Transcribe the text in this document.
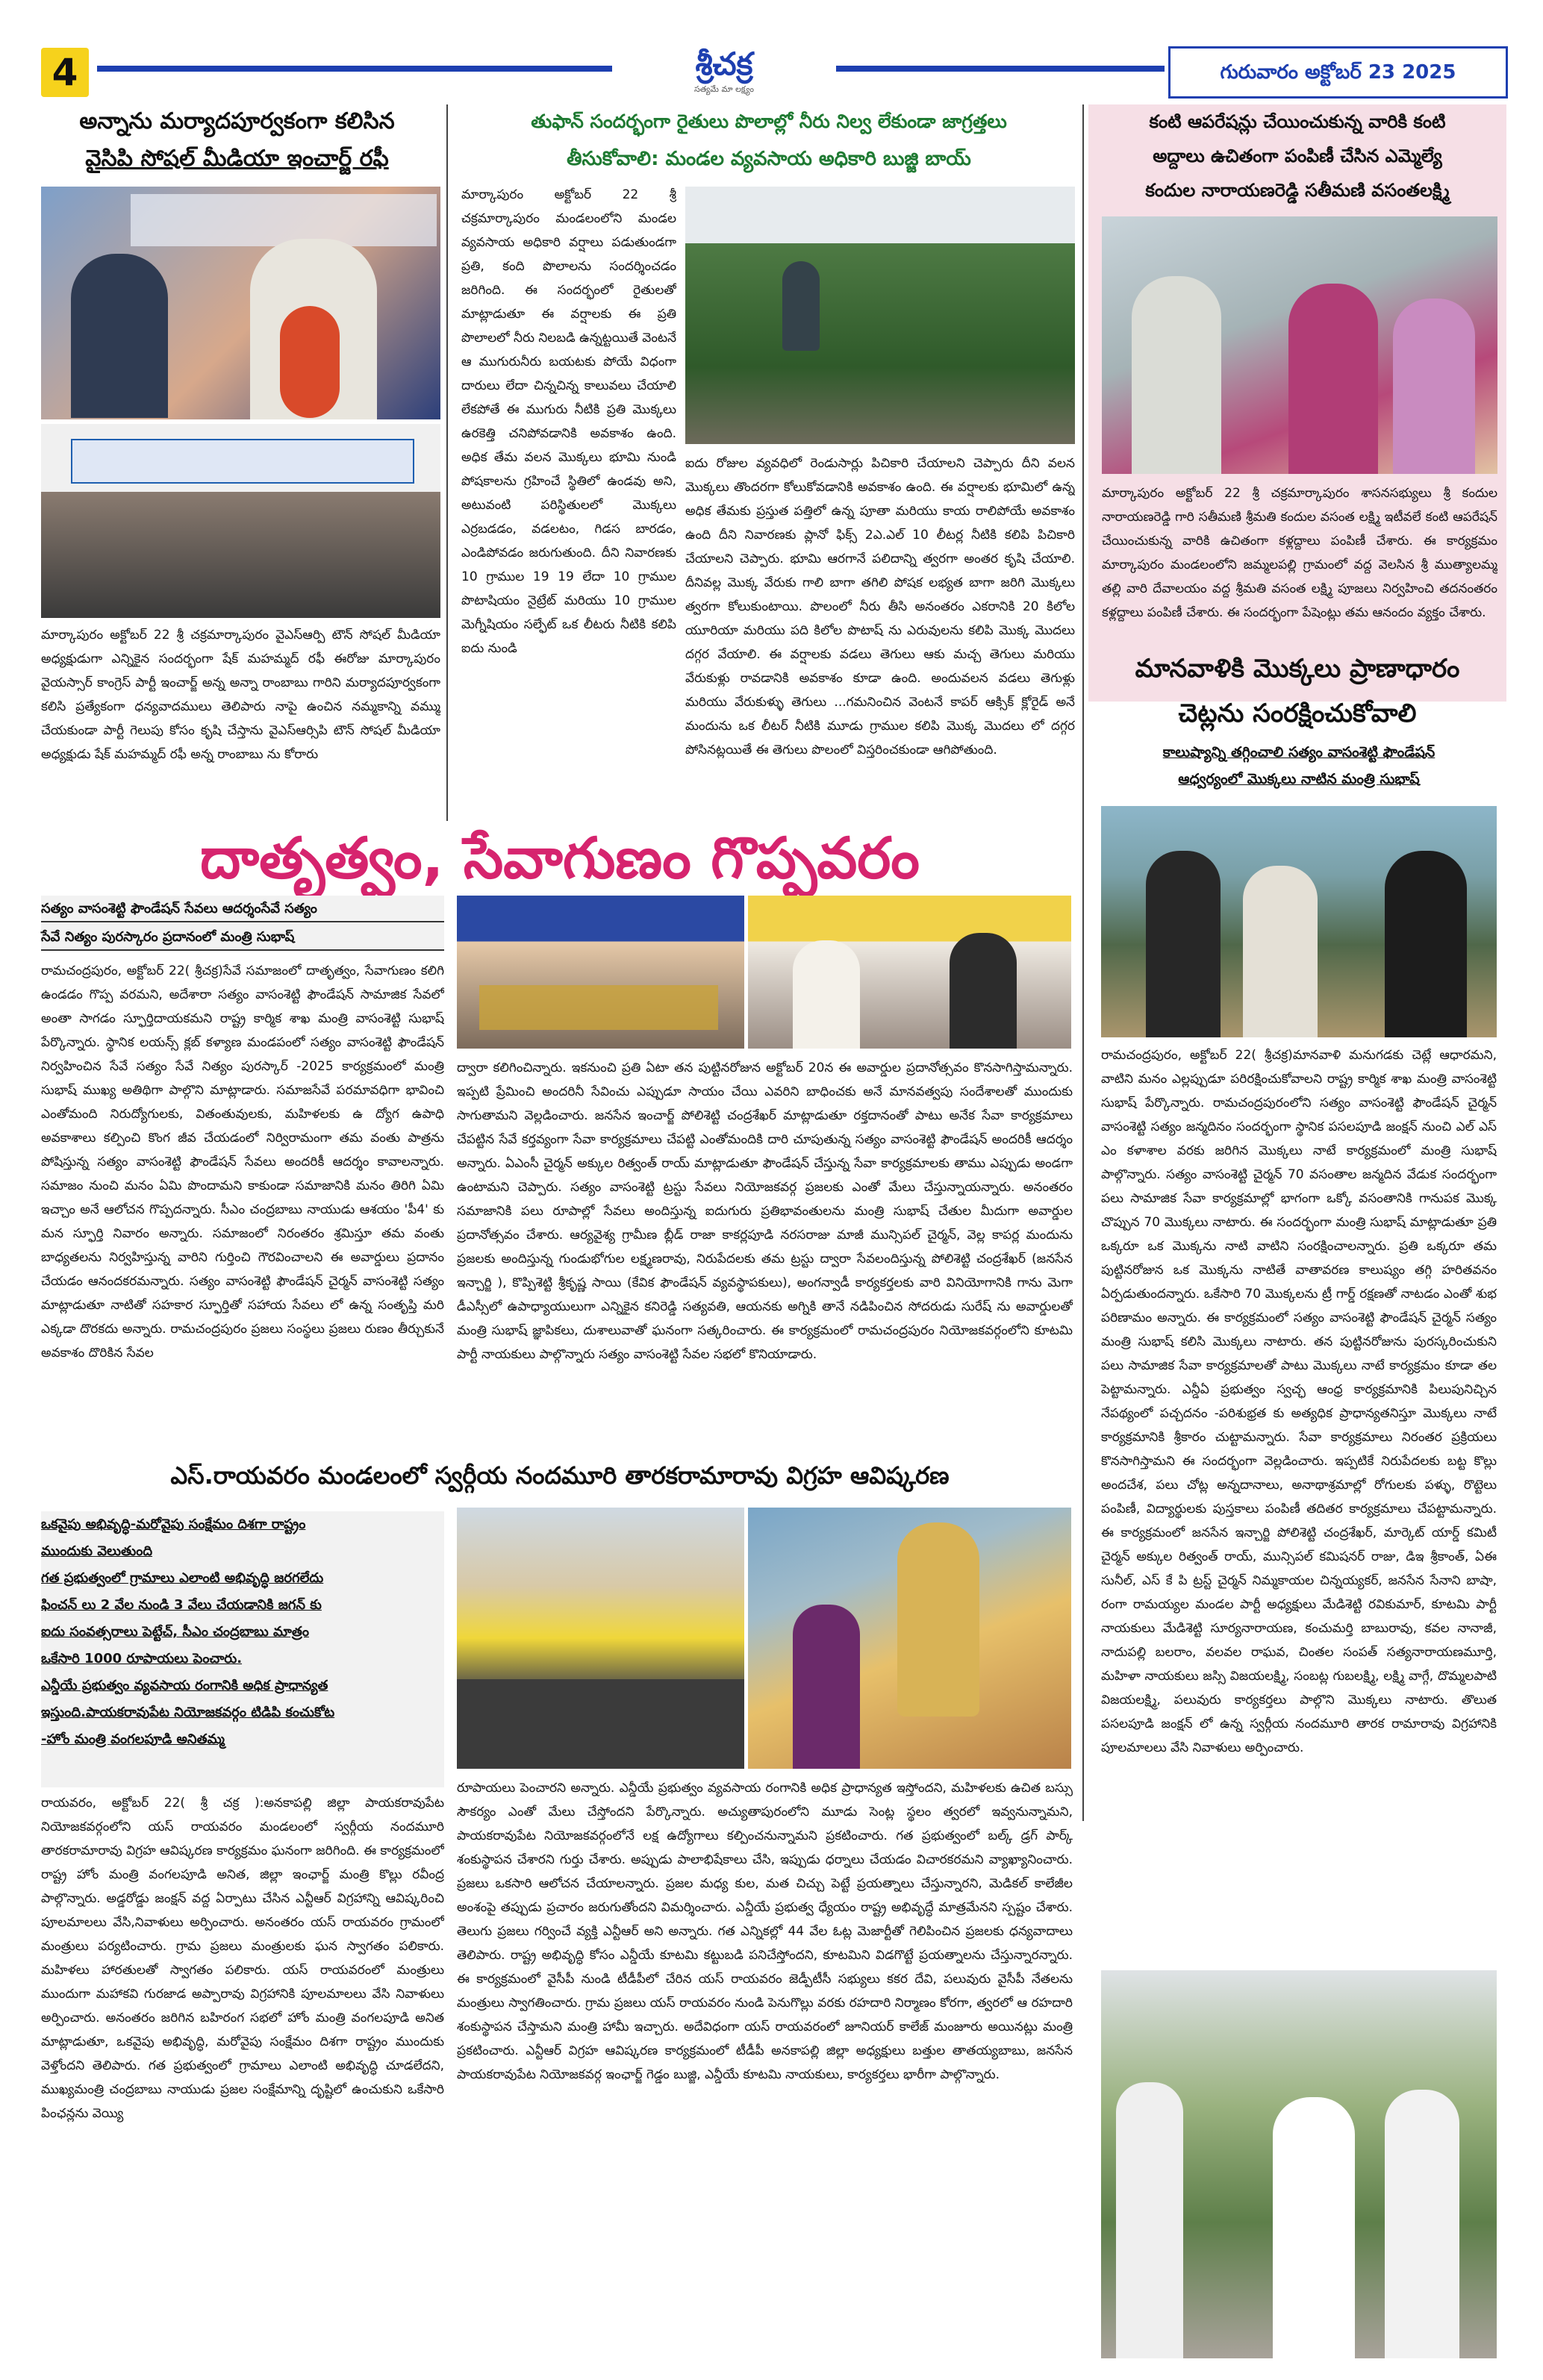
4	శ్రీచక్ర
సత్యమే మా లక్ష్యం
గురువారం అక్టోబర్ 23 2025
అన్నాను మర్యాదపూర్వకంగా కలిసిన
వైసిపి సోషల్ మీడియా ఇంచార్జ్ రఫీ
మార్కాపురం అక్టోబర్ 22 శ్రీ చక్రమార్కాపురం వైఎస్ఆర్పి టౌన్ సోషల్ మీడియా అధ్యక్షుడుగా ఎన్నికైన సందర్భంగా షేక్ మహమ్మద్ రఫీ ఈరోజు మార్కాపురం వైయస్సార్ కాంగ్రెస్ పార్టీ ఇంచార్జ్ అన్న అన్నా రాంబాబు గారిని మర్యాదపూర్వకంగా కలిసి ప్రత్యేకంగా ధన్యవాదములు తెలిపారు నాపై ఉంచిన నమ్మకాన్ని వమ్ము చేయకుండా పార్టీ గెలుపు కోసం కృషి చేస్తాను వైఎస్ఆర్సిపి టౌన్ సోషల్ మీడియా అధ్యక్షుడు షేక్ మహమ్మద్ రఫీ అన్న రాంబాబు ను కోరారు
తుఫాన్ సందర్భంగా రైతులు పొలాల్లో నీరు నిల్వ లేకుండా జాగ్రత్తలు
తీసుకోవాలి: మండల వ్యవసాయ అధికారి బుజ్జి బాయ్
మార్కాపురం అక్టోబర్ 22 శ్రీ చక్రమార్కాపురం మండలంలోని మండల వ్యవసాయ అధికారి వర్షాలు పడుతుండగా ప్రతి, కంది పొలాలను సందర్శించడం జరిగింది. ఈ సందర్భంలో రైతులతో మాట్లాడుతూ ఈ వర్షాలకు ఈ ప్రతి పొలాలలో నీరు నిలబడి ఉన్నట్టయితే వెంటనే ఆ ముగురునీరు బయటకు పోయే విధంగా దారులు లేదా చిన్నచిన్న కాలువలు చేయాలి లేకపోతే ఈ ముగురు నీటికి ప్రతి మొక్కలు ఉరకెత్తి చనిపోవడానికి అవకాశం ఉంది. అధిక తేమ వలన మొక్కలు భూమి నుండి పోషకాలను గ్రహించే స్థితిలో ఉండవు అని, అటువంటి పరిస్థితులలో మొక్కలు ఎర్రబడడం, వడలటం, గిడస బారడం, ఎండిపోవడం జరుగుతుంది. దీని నివారణకు 10 గ్రాముల 19 19 లేదా 10 గ్రాముల పొటాషియం నైట్రేట్ మరియు 10 గ్రాముల మెగ్నీషియం సల్ఫేట్ ఒక లీటరు నీటికి కలిపి ఐదు నుండి
ఐదు రోజుల వ్యవధిలో రెండుసార్లు పిచికారి చేయాలని చెప్పారు దీని వలన మొక్కలు తొందరగా కోలుకోవడానికి అవకాశం ఉంది. ఈ వర్షాలకు భూమిలో ఉన్న అధిక తేమకు ప్రస్తుత పత్తిలో ఉన్న పూతా మరియు కాయ రాలిపోయే అవకాశం ఉంది దీని నివారణకు ప్లానో ఫిక్స్ 2ఎ.ఎల్ 10 లీటర్ల నీటికి కలిపి పిచికారి చేయాలని చెప్పారు. భూమి ఆరగానే పలిదాన్ని త్వరగా అంతర కృషి చేయాలి. దీనివల్ల మొక్క వేరుకు గాలి బాగా తగిలి పోషక లభ్యత బాగా జరిగి మొక్కలు త్వరగా కోలుకుంటాయి. పొలంలో నీరు తీసి అనంతరం ఎకరానికి 20 కిలోల యూరియా మరియు పది కిలోల పొటాష్ ను ఎరువులను కలిపి మొక్క మొదలు దగ్గర వేయాలి. ఈ వర్షాలకు వడలు తెగులు ఆకు మచ్చ తెగులు మరియు వేరుకుళ్లు రావడానికి అవకాశం కూడా ఉంది. అందువలన వడలు తెగుళ్లు మరియు వేరుకుళ్ళు తెగులు ...గమనించిన వెంటనే కాపర్ ఆక్సిక్ క్లోరైడ్ అనే మందును ఒక లీటర్ నీటికి మూడు గ్రాముల కలిపి మొక్క మొదలు లో దగ్గర పోసినట్లయితే ఈ తెగులు పొలంలో విస్తరించకుండా ఆగిపోతుంది.
కంటి ఆపరేషన్లు చేయించుకున్న వారికి కంటి
అద్దాలు ఉచితంగా పంపిణీ చేసిన ఎమ్మెల్యే
కందుల నారాయణరెడ్డి సతీమణి వసంతలక్ష్మి
మార్కాపురం అక్టోబర్ 22 శ్రీ చక్రమార్కాపురం శాసనసభ్యులు శ్రీ కందుల నారాయణరెడ్డి గారి సతీమణి శ్రీమతి కందుల వసంత లక్ష్మి ఇటీవలే కంటి ఆపరేషన్ చేయించుకున్న వారికి ఉచితంగా కళ్లద్దాలు పంపిణీ చేశారు. ఈ కార్యక్రమం మార్కాపురం మండలంలోని జమ్మలపల్లి గ్రామంలో వద్ద వెలసిన శ్రీ ముత్యాలమ్మ తల్లి వారి దేవాలయం వద్ద శ్రీమతి వసంత లక్ష్మి పూజలు నిర్వహించి తదనంతరం కళ్లద్దాలు పంపిణీ చేశారు. ఈ సందర్భంగా పేషెంట్లు తమ ఆనందం వ్యక్తం చేశారు.
మానవాళికి మొక్కలు ప్రాణాధారం
చెట్లను సంరక్షించుకోవాలి
కాలుష్యాన్ని తగ్గించాలి సత్యం వాసంశెట్టి ఫౌండేషన్
ఆధ్వర్యంలో మొక్కలు నాటిన మంత్రి సుభాష్
రామచంద్రపురం, అక్టోబర్ 22( శ్రీచక్ర)మానవాళి మనుగడకు చెట్లే ఆధారమని, వాటిని మనం ఎల్లప్పుడూ పరిరక్షించుకోవాలని రాష్ట్ర కార్మిక శాఖ మంత్రి వాసంశెట్టి సుభాష్ పేర్కొన్నారు. రామచంద్రపురంలోని సత్యం వాసంశెట్టి ఫౌండేషన్ చైర్మన్ వాసంశెట్టి సత్యం జన్మదినం సందర్భంగా స్థానిక పసలపూడి జంక్షన్ నుంచి ఎల్ ఎస్ ఎం కళాశాల వరకు జరిగిన మొక్కలు నాటే కార్యక్రమంలో మంత్రి సుభాష్ పాల్గొన్నారు. సత్యం వాసంశెట్టి చైర్మన్ 70 వసంతాల జన్మదిన వేడుక సందర్భంగా పలు సామాజిక సేవా కార్యక్రమాల్లో భాగంగా ఒక్కో వసంతానికి గానుపక మొక్క చొప్పున 70 మొక్కలు నాటారు. ఈ సందర్భంగా మంత్రి సుభాష్ మాట్లాడుతూ ప్రతి ఒక్కరూ ఒక మొక్కను నాటి వాటిని సంరక్షించాలన్నారు. ప్రతి ఒక్కరూ తమ పుట్టినరోజున ఒక మొక్కను నాటితే వాతావరణ కాలుష్యం తగ్గి హరితవనం ఏర్పడుతుందన్నారు. ఒకేసారి 70 మొక్కలను ట్రీ గార్డ్ రక్షణతో నాటడం ఎంతో శుభ పరిణామం అన్నారు. ఈ కార్యక్రమంలో సత్యం వాసంశెట్టి ఫౌండేషన్ చైర్మన్ సత్యం మంత్రి సుభాష్ కలిసి మొక్కలు నాటారు. తన పుట్టినరోజును పురస్కరించుకుని పలు సామాజిక సేవా కార్యక్రమాలతో పాటు మొక్కలు నాటే కార్యక్రమం కూడా తల పెట్టామన్నారు. ఎన్డీఏ ప్రభుత్వం స్వచ్ఛ ఆంధ్ర కార్యక్రమానికి పిలుపునిచ్చిన నేపథ్యంలో పచ్చదనం -పరిశుభ్రత కు అత్యధిక ప్రాధాన్యతనిస్తూ మొక్కలు నాటే కార్యక్రమానికి శ్రీకారం చుట్టామన్నారు. సేవా కార్యక్రమాలు నిరంతర ప్రక్రియలు కొనసాగిస్తామని ఈ సందర్భంగా వెల్లడించారు. ఇప్పటికే నిరుపేదలకు బట్ట కొల్లు అందచేశ, పలు చోట్ల అన్నదానాలు, అనాథాశ్రమాల్లో రోగులకు పళ్ళు, రొట్టెలు పంపిణీ, విద్యార్థులకు పుస్తకాలు పంపిణీ తదితర కార్యక్రమాలు చేపట్టామన్నారు. ఈ కార్యక్రమంలో జనసేన ఇన్చార్జి పోలిశెట్టి చంద్రశేఖర్, మార్కెట్ యార్డ్ కమిటీ చైర్మన్ అక్కుల రిత్వంత్ రాయ్, మున్సిపల్ కమిషనర్ రాజు, డిఇ శ్రీకాంత్, ఏఈ సునీల్, ఎస్ కే పి ట్రస్ట్ చైర్మన్ నిమ్మకాయల చిన్నయ్యకర్, జనసేన సేనాని బాషా, రంగా రామయ్యల మండల పార్టీ అధ్యక్షులు మేడిశెట్టి రవికుమార్, కూటమి పార్టీ నాయకులు మేడిశెట్టి సూర్యనారాయణ, కంచుమర్తి బాబురావు, కవల నానాజీ, నాదుపల్లి బలరాం, వలవల రాఘవ, చింతల సంపత్ సత్యనారాయణమూర్తి, మహిళా నాయకులు జస్సి విజయలక్ష్మి, సంబట్ల గుబలక్ష్మి, లక్ష్మి వాగ్గే, దొమ్మలపాటి విజయలక్ష్మి, పలువురు కార్యకర్తలు పాల్గొని మొక్కలు నాటారు. తొలుత పసలపూడి జంక్షన్ లో ఉన్న స్వర్గీయ నందమూరి తారక రామారావు విగ్రహానికి పూలమాలలు వేసి నివాళులు అర్పించారు.
దాతృత్వం, సేవాగుణం గొప్పవరం
సత్యం వాసంశెట్టి ఫౌండేషన్ సేవలు ఆదర్శంసేవే సత్యం
సేవే నిత్యం పురస్కారం ప్రదానంలో మంత్రి సుభాష్
రామచంద్రపురం, అక్టోబర్ 22( శ్రీచక్ర)సేవే సమాజంలో దాతృత్వం, సేవాగుణం కలిగి ఉండడం గొప్ప వరమని, అదేశారా సత్యం వాసంశెట్టి ఫౌండేషన్ సామాజిక సేవలో అంతా సాగడం స్ఫూర్తిదాయకమని రాష్ట్ర కార్మిక శాఖ మంత్రి వాసంశెట్టి సుభాష్ పేర్కొన్నారు. స్థానిక లయన్స్ క్లబ్ కళ్యాణ మండపంలో సత్యం వాసంశెట్టి ఫౌండేషన్ నిర్వహించిన సేవే సత్యం సేవే నిత్యం పురస్కార్ -2025 కార్యక్రమంలో మంత్రి సుభాష్ ముఖ్య అతిథిగా పాల్గొని మాట్లాడారు. సమాజసేవే పరమావధిగా భావించి ఎంతోమంది నిరుద్యోగులకు, వితంతువులకు, మహిళలకు ఉ ద్యోగ ఉపాధి అవకాశాలు కల్పించి కొంగ జీవ చేయడంలో నిర్విరామంగా తమ వంతు పాత్రను పోషిస్తున్న సత్యం వాసంశెట్టి ఫౌండేషన్ సేవలు అందరికీ ఆదర్శం కావాలన్నారు. సమాజం నుంచి మనం ఏమి పొందామని కాకుండా సమాజానికి మనం తిరిగి ఏమి ఇచ్చాం అనే ఆలోచన గొప్పదన్నారు. సీఎం చంద్రబాబు నాయుడు ఆశయం 'పీ4' కు మన స్ఫూర్తి నివారం అన్నారు. సమాజంలో నిరంతరం శ్రమిస్తూ తమ వంతు బాధ్యతలను నిర్వహిస్తున్న వారిని గుర్తించి గౌరవించాలని ఈ అవార్డులు ప్రదానం చేయడం ఆనందకరమన్నారు. సత్యం వాసంశెట్టి ఫౌండేషన్ చైర్మన్ వాసంశెట్టి సత్యం మాట్లాడుతూ నాటితో సహకార స్ఫూర్తితో సహాయ సేవలు లో ఉన్న సంతృప్తి మరి ఎక్కడా దొరకదు అన్నారు. రామచంద్రపురం ప్రజలు సంస్థలు ప్రజలు రుణం తీర్చుకునే అవకాశం దొరికిన సేవల
ద్వారా కలిగించిన్నారు. ఇకనుంచి ప్రతి ఏటా తన పుట్టినరోజున అక్టోబర్ 20న ఈ అవార్డుల ప్రదానోత్సవం కొనసాగిస్తామన్నారు. ఇప్పటి ప్రేమించి అందరినీ సేవించు ఎప్పుడూ సాయం చేయి ఎవరిని బాధించకు అనే మానవత్వపు సందేశాలతో ముందుకు సాగుతామని వెల్లడించారు. జనసేన ఇంచార్జ్ పోలిశెట్టి చంద్రశేఖర్ మాట్లాడుతూ రక్తదానంతో పాటు అనేక సేవా కార్యక్రమాలు చేపట్టిన సేవే కర్తవ్యంగా సేవా కార్యక్రమాలు చేపట్టి ఎంతోమందికి దారి చూపుతున్న సత్యం వాసంశెట్టి ఫౌండేషన్ అందరికీ ఆదర్శం అన్నారు. ఏఎంసీ చైర్మన్ అక్కుల రిత్వంత్ రాయ్ మాట్లాడుతూ ఫౌండేషన్ చేస్తున్న సేవా కార్యక్రమాలకు తాము ఎప్పుడు అండగా ఉంటామని చెప్పారు. సత్యం వాసంశెట్టి ట్రస్టు సేవలు నియోజకవర్గ ప్రజలకు ఎంతో మేలు చేస్తున్నాయన్నారు. అనంతరం సమాజానికి పలు రూపాల్లో సేవలు అందిస్తున్న ఐదుగురు ప్రతిభావంతులను మంత్రి సుభాష్ చేతుల మీదుగా అవార్డుల ప్రదానోత్సవం చేశారు. ఆర్యవైశ్య గ్రామీణ బ్లీడ్ రాజా కాకర్లపూడి నరసరాజు మాజీ మున్సిపల్ చైర్మన్, వెల్ల కాపర్ల మందును ప్రజలకు అందిస్తున్న గుండుభోగుల లక్ష్మణరావు, నిరుపేదలకు తమ ట్రస్టు ద్వారా సేవలందిస్తున్న పోలిశెట్టి చంద్రశేఖర్ (జనసేన ఇన్చార్జి ), కొప్పిశెట్టి శ్రీకృష్ణ సాయి (కేవిక ఫౌండేషన్ వ్యవస్థాపకులు), అంగన్వాడీ కార్యకర్తలకు వారి వినియోగానికి గాను మెగా డీఎస్సీలో ఉపాధ్యాయులుగా ఎన్నికైన కనిరెడ్డి సత్యవతి, ఆయనకు అగ్నికి తానే నడిపించిన సోదరుడు సురేష్ ను అవార్డులతో మంత్రి సుభాష్ జ్ఞాపికలు, దుశాలువాతో ఘనంగా సత్కరించారు. ఈ కార్యక్రమంలో రామచంద్రపురం నియోజకవర్గంలోని కూటమి పార్టీ నాయకులు పాల్గొన్నారు సత్యం వాసంశెట్టి సేవల సభలో కొనియాడారు.
ఎస్.రాయవరం మండలంలో స్వర్గీయ నందమూరి తారకరామారావు విగ్రహ ఆవిష్కరణ
ఒకవైపు అభివృద్ధి-మరోవైపు సంక్షేమం దిశగా రాష్ట్రం
ముందుకు వెలుతుంది
గత ప్రభుత్వంలో గ్రామాలు ఎలాంటి అభివృద్ధి జరగలేదు
ఫించన్ లు 2 వేల నుండి 3 వేలు చేయడానికి జగన్ కు
ఐదు సంవత్సరాలు పెట్టేచ్, సీఎం చంద్రబాబు మాత్రం
ఒకేసారి 1000 రూపాయలు పెంచారు.
ఎన్డీయే ప్రభుత్వం వ్యవసాయ రంగానికి అధిక ప్రాధాన్యత
ఇస్తుంది.పాయకరావుపేట నియోజకవర్గం టిడిపి కంచుకోట
-హోం మంత్రి వంగలపూడి అనితమ్మ
రాయవరం, అక్టోబర్ 22( శ్రీ చక్ర ):అనకాపల్లి జిల్లా పాయకరావుపేట నియోజకవర్గంలోని యస్ రాయవరం మండలంలో స్వర్గీయ నందమూరి తారకరామారావు విగ్రహ ఆవిష్కరణ కార్యక్రమం ఘనంగా జరిగింది. ఈ కార్యక్రమంలో రాష్ట్ర హోం మంత్రి వంగలపూడి అనిత, జిల్లా ఇంఛార్జ్ మంత్రి కొల్లు రవీంద్ర పాల్గొన్నారు. అడ్డరోడ్డు జంక్షన్ వద్ద ఏర్పాటు చేసిన ఎన్టీఆర్ విగ్రహాన్ని ఆవిష్కరించి పూలమాలలు వేసి,నివాళులు అర్పించారు. అనంతరం యస్ రాయవరం గ్రామంలో మంత్రులు పర్యటించారు. గ్రామ ప్రజలు మంత్రులకు ఘన స్వాగతం పలికారు. మహిళలు హారతులతో స్వాగతం పలికారు. యస్ రాయవరంలో మంత్రులు ముందుగా మహాకవి గురజాడ అప్పారావు విగ్రహానికి పూలమాలలు వేసి నివాళులు అర్పించారు. అనంతరం జరిగిన బహిరంగ సభలో హోం మంత్రి వంగలపూడి అనిత మాట్లాడుతూ, ఒకవైపు అభివృద్ధి, మరోవైపు సంక్షేమం దిశగా రాష్ట్రం ముందుకు వెళ్తోందని తెలిపారు. గత ప్రభుత్వంలో గ్రామాలు ఎలాంటి అభివృద్ధి చూడలేదని, ముఖ్యమంత్రి చంద్రబాబు నాయుడు ప్రజల సంక్షేమాన్ని దృష్టిలో ఉంచుకుని ఒకేసారి పింఛన్లను వెయ్యి
రూపాయలు పెంచారని అన్నారు. ఎన్డీయే ప్రభుత్వం వ్యవసాయ రంగానికి అధిక ప్రాధాన్యత ఇస్తోందని, మహిళలకు ఉచిత బస్సు సౌకర్యం ఎంతో మేలు చేస్తోందని పేర్కొన్నారు. అచ్యుతాపురంలోని మూడు సెంట్ల స్థలం త్వరలో ఇవ్వనున్నామని, పాయకరావుపేట నియోజకవర్గంలోనే లక్ష ఉద్యోగాలు కల్పించనున్నామని ప్రకటించారు. గత ప్రభుత్వంలో బల్క్ డ్రగ్ పార్క్ శంకుస్థాపన చేశారని గుర్తు చేశారు. అప్పుడు పాలాభిషేకాలు చేసి, ఇప్పుడు ధర్నాలు చేయడం విచారకరమని వ్యాఖ్యానించారు. ప్రజలు ఒకసారి ఆలోచన చేయాలన్నారు. ప్రజల మధ్య కుల, మత చిచ్చు పెట్టే ప్రయత్నాలు చేస్తున్నారని, మెడికల్ కాలేజీల అంశంపై తప్పుడు ప్రచారం జరుగుతోందని విమర్శించారు. ఎన్డీయే ప్రభుత్వ ధ్యేయం రాష్ట్ర అభివృద్ధే మాత్రమేనని స్పష్టం చేశారు. తెలుగు ప్రజలు గర్వించే వ్యక్తి ఎన్టీఆర్ అని అన్నారు. గత ఎన్నికల్లో 44 వేల ఓట్ల మెజార్టీతో గెలిపించిన ప్రజలకు ధన్యవాదాలు తెలిపారు. రాష్ట్ర అభివృద్ధి కోసం ఎన్డీయే కూటమి కట్టుబడి పనిచేస్తోందని, కూటమిని విడగొట్టే ప్రయత్నాలను చేస్తున్నారన్నారు. ఈ కార్యక్రమంలో వైసీపీ నుండి టీడీపీలో చేరిన యస్ రాయవరం జెడ్పీటీసీ సభ్యులు కకర దేవి, పలువురు వైసీపీ నేతలను మంత్రులు స్వాగతించారు. గ్రామ ప్రజలు యస్ రాయవరం నుండి పెనుగొల్లు వరకు రహదారి నిర్మాణం కోరగా, త్వరలో ఆ రహదారి శంకుస్థాపన చేస్తామని మంత్రి హామీ ఇచ్చారు. అదేవిధంగా యస్ రాయవరంలో జూనియర్ కాలేజ్ మంజూరు అయినట్లు మంత్రి ప్రకటించారు. ఎన్టీఆర్ విగ్రహ ఆవిష్కరణ కార్యక్రమంలో టీడీపీ అనకాపల్లి జిల్లా అధ్యక్షులు బత్తుల తాతయ్యబాబు, జనసేన పాయకరావుపేట నియోజకవర్గ ఇంఛార్జ్ గెడ్డం బుజ్జి, ఎన్డీయే కూటమి నాయకులు, కార్యకర్తలు భారీగా పాల్గొన్నారు.
